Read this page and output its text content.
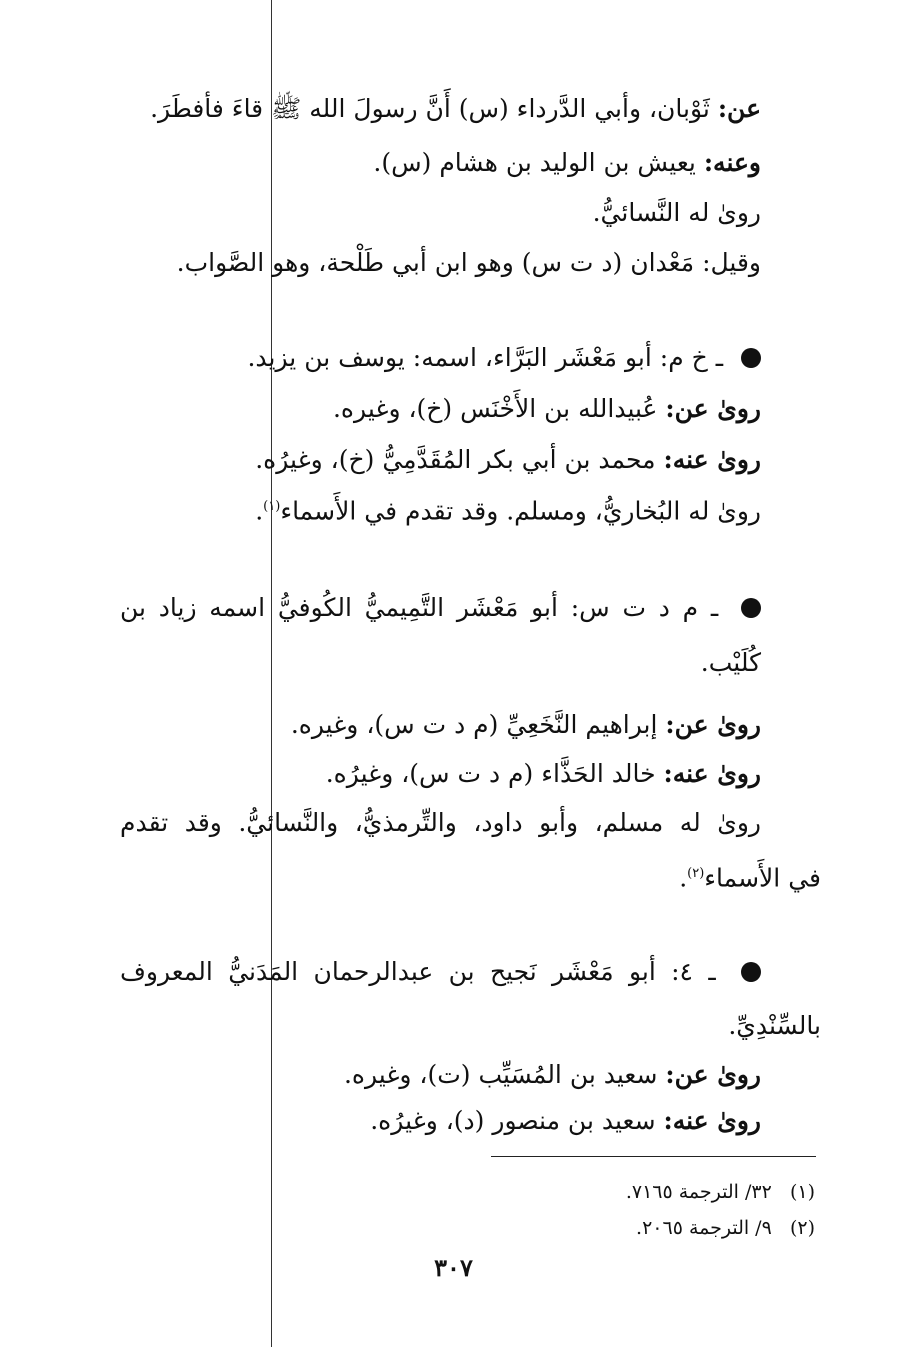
عن: ثَوْبان، وأبي الدَّرداء (س) أَنَّ رسولَ الله ﷺ قاءَ فأفطَرَ.
وعنه: يعيش بن الوليد بن هشام (س).
روىٰ له النَّسائيُّ.
وقيل: مَعْدان (د ت س) وهو ابن أبي طَلْحة، وهو الصَّواب.
ـ خ م: أبو مَعْشَر البَرَّاء، اسمه: يوسف بن يزيد.
روىٰ عن: عُبيدالله بن الأَخْنَس (خ)، وغيره.
روىٰ عنه: محمد بن أبي بكر المُقَدَّمِيُّ (خ)، وغيرُه.
روىٰ له البُخاريُّ، ومسلم. وقد تقدم في الأَسماء$^{(١)}$.
ـ م د ت س: أبو مَعْشَر التَّمِيميُّ الكُوفيُّ اسمه زياد بن
كُلَيْب.
روىٰ عن: إبراهيم النَّخَعِيِّ (م د ت س)، وغيره.
روىٰ عنه: خالد الحَذَّاء (م د ت س)، وغيرُه.
روىٰ له مسلم، وأبو داود، والتِّرمذيُّ، والنَّسائيُّ. وقد تقدم
في الأَسماء$^{(٢)}$.
ـ ٤: أبو مَعْشَر نَجيح بن عبدالرحمان المَدَنيُّ المعروف
بالسِّنْدِيِّ.
روىٰ عن: سعيد بن المُسَيِّب (ت)، وغيره.
روىٰ عنه: سعيد بن منصور (د)، وغيرُه.
(١)   ٣٢/ الترجمة ٧١٦٥.
(٢)   ٩/ الترجمة ٢٠٦٥.
٣٠٧
